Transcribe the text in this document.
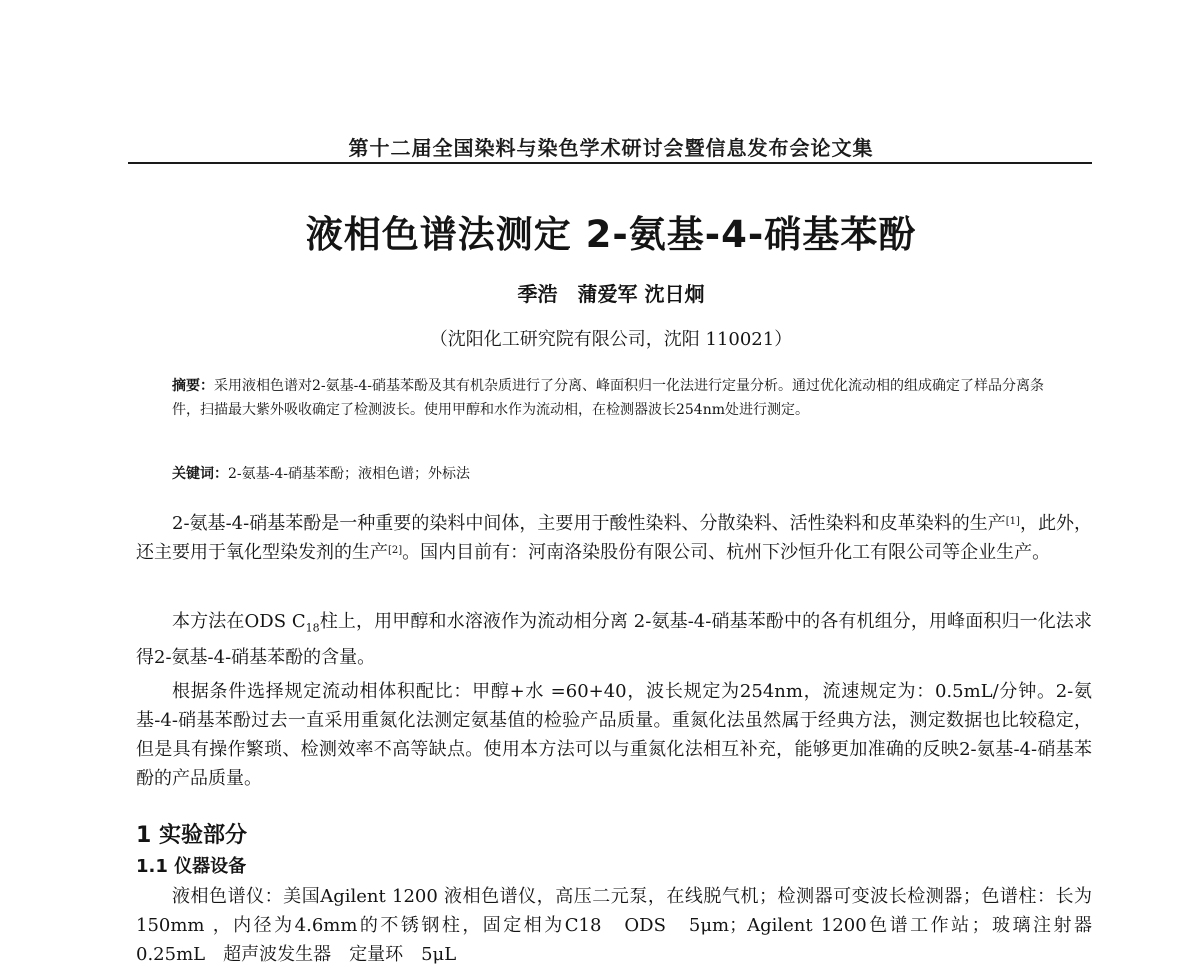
第十二届全国染料与染色学术研讨会暨信息发布会论文集
液相色谱法测定 2-氨基-4-硝基苯酚
季浩　蒲爱军 沈日炯
（沈阳化工研究院有限公司，沈阳 110021）
摘要：采用液相色谱对2-氨基-4-硝基苯酚及其有机杂质进行了分离、峰面积归一化法进行定量分析。通过优化流动相的组成确定了样品分离条件，扫描最大紫外吸收确定了检测波长。使用甲醇和水作为流动相，在检测器波长254nm处进行测定。
关键词：2-氨基-4-硝基苯酚；液相色谱；外标法

2-氨基-4-硝基苯酚是一种重要的染料中间体，主要用于酸性染料、分散染料、活性染料和皮革染料的生产[1]，此外，还主要用于氧化型染发剂的生产[2]。国内目前有：河南洛染股份有限公司、杭州下沙恒升化工有限公司等企业生产。

本方法在ODS $C_{18}$柱上，用甲醇和水溶液作为流动相分离 2-氨基-4-硝基苯酚中的各有机组分，用峰面积归一化法求得2-氨基-4-硝基苯酚的含量。

根据条件选择规定流动相体积配比：甲醇+水 =60+40，波长规定为254nm，流速规定为：0.5mL/分钟。2-氨基-4-硝基苯酚过去一直采用重氮化法测定氨基值的检验产品质量。重氮化法虽然属于经典方法，测定数据也比较稳定，但是具有操作繁琐、检测效率不高等缺点。使用本方法可以与重氮化法相互补充，能够更加准确的反映2-氨基-4-硝基苯酚的产品质量。

1 实验部分
1.1 仪器设备

液相色谱仪：美国Agilent 1200 液相色谱仪，高压二元泵，在线脱气机；检测器可变波长检测器；色谱柱：长为150mm ，内径为4.6mm的不锈钢柱，固定相为C18　ODS　5μm；Agilent 1200色谱工作站；玻璃注射器　0.25mL　超声波发生器　定量环　5μL
